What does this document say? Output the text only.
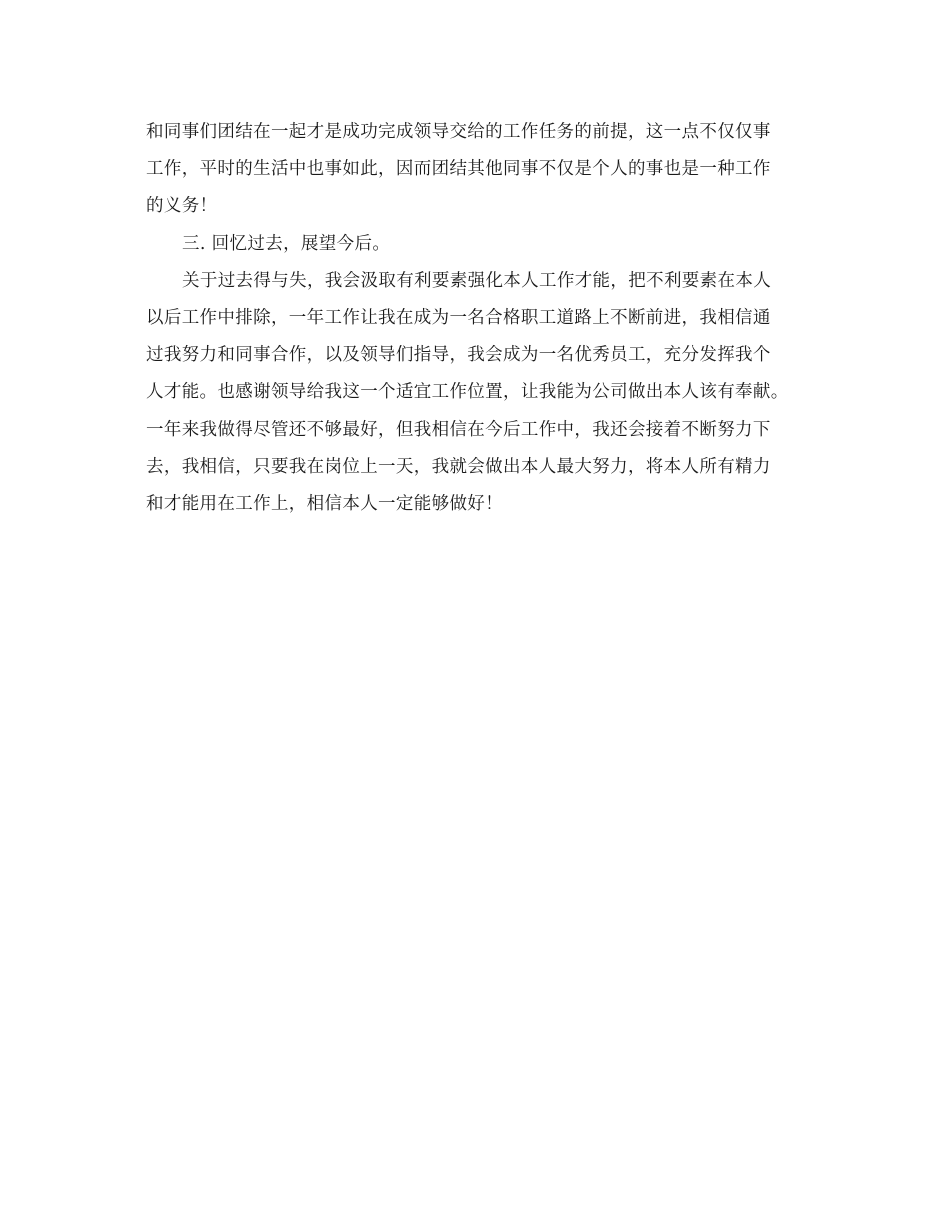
和同事们团结在一起才是成功完成领导交给的工作任务的前提，这一点不仅仅事
工作，平时的生活中也事如此，因而团结其他同事不仅是个人的事也是一种工作
的义务！
三. 回忆过去，展望今后。
关于过去得与失，我会汲取有利要素强化本人工作才能，把不利要素在本人
以后工作中排除，一年工作让我在成为一名合格职工道路上不断前进，我相信通
过我努力和同事合作，以及领导们指导，我会成为一名优秀员工，充分发挥我个
人才能。也感谢领导给我这一个适宜工作位置，让我能为公司做出本人该有奉献。
一年来我做得尽管还不够最好，但我相信在今后工作中，我还会接着不断努力下
去，我相信，只要我在岗位上一天，我就会做出本人最大努力，将本人所有精力
和才能用在工作上，相信本人一定能够做好！
